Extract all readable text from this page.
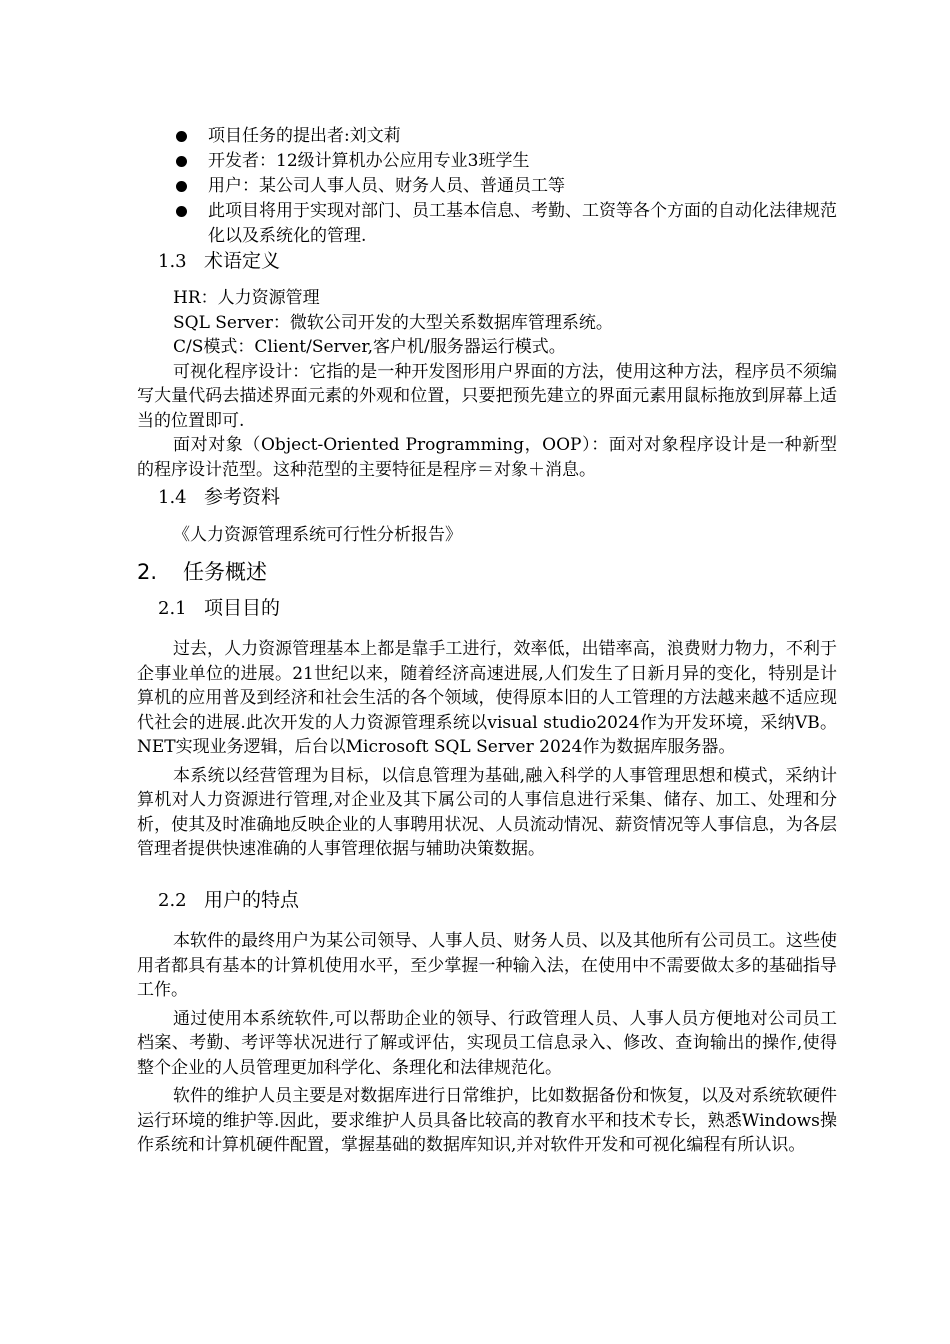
项目任务的提出者:刘文莉
开发者：12级计算机办公应用专业3班学生
用户：某公司人事人员、财务人员、普通员工等
此项目将用于实现对部门、员工基本信息、考勤、工资等各个方面的自动化法律规范化以及系统化的管理.
1.3 术语定义

HR：人力资源管理

SQL Server：微软公司开发的大型关系数据库管理系统。

C/S模式：Client/Server,客户机/服务器运行模式。

可视化程序设计：它指的是一种开发图形用户界面的方法，使用这种方法，程序员不须编写大量代码去描述界面元素的外观和位置，只要把预先建立的界面元素用鼠标拖放到屏幕上适当的位置即可.

面对对象（Object-Oriented Programming，OOP）：面对对象程序设计是一种新型的程序设计范型。这种范型的主要特征是程序＝对象＋消息。

1.4 参考资料

《人力资源管理系统可行性分析报告》

2. 任务概述
2.1 项目目的

过去，人力资源管理基本上都是靠手工进行，效率低，出错率高，浪费财力物力，不利于企事业单位的进展。21世纪以来，随着经济高速进展,人们发生了日新月异的变化，特别是计算机的应用普及到经济和社会生活的各个领域，使得原本旧的人工管理的方法越来越不适应现代社会的进展.此次开发的人力资源管理系统以visual studio2024作为开发环境，采纳VB。NET实现业务逻辑，后台以Microsoft SQL Server 2024作为数据库服务器。

本系统以经营管理为目标，以信息管理为基础,融入科学的人事管理思想和模式，采纳计算机对人力资源进行管理,对企业及其下属公司的人事信息进行采集、储存、加工、处理和分析，使其及时准确地反映企业的人事聘用状况、人员流动情况、薪资情况等人事信息，为各层管理者提供快速准确的人事管理依据与辅助决策数据。

2.2 用户的特点

本软件的最终用户为某公司领导、人事人员、财务人员、以及其他所有公司员工。这些使用者都具有基本的计算机使用水平，至少掌握一种输入法，在使用中不需要做太多的基础指导工作。

通过使用本系统软件,可以帮助企业的领导、行政管理人员、人事人员方便地对公司员工档案、考勤、考评等状况进行了解或评估，实现员工信息录入、修改、查询输出的操作,使得整个企业的人员管理更加科学化、条理化和法律规范化。

软件的维护人员主要是对数据库进行日常维护，比如数据备份和恢复，以及对系统软硬件运行环境的维护等.因此，要求维护人员具备比较高的教育水平和技术专长，熟悉Windows操作系统和计算机硬件配置，掌握基础的数据库知识,并对软件开发和可视化编程有所认识。
